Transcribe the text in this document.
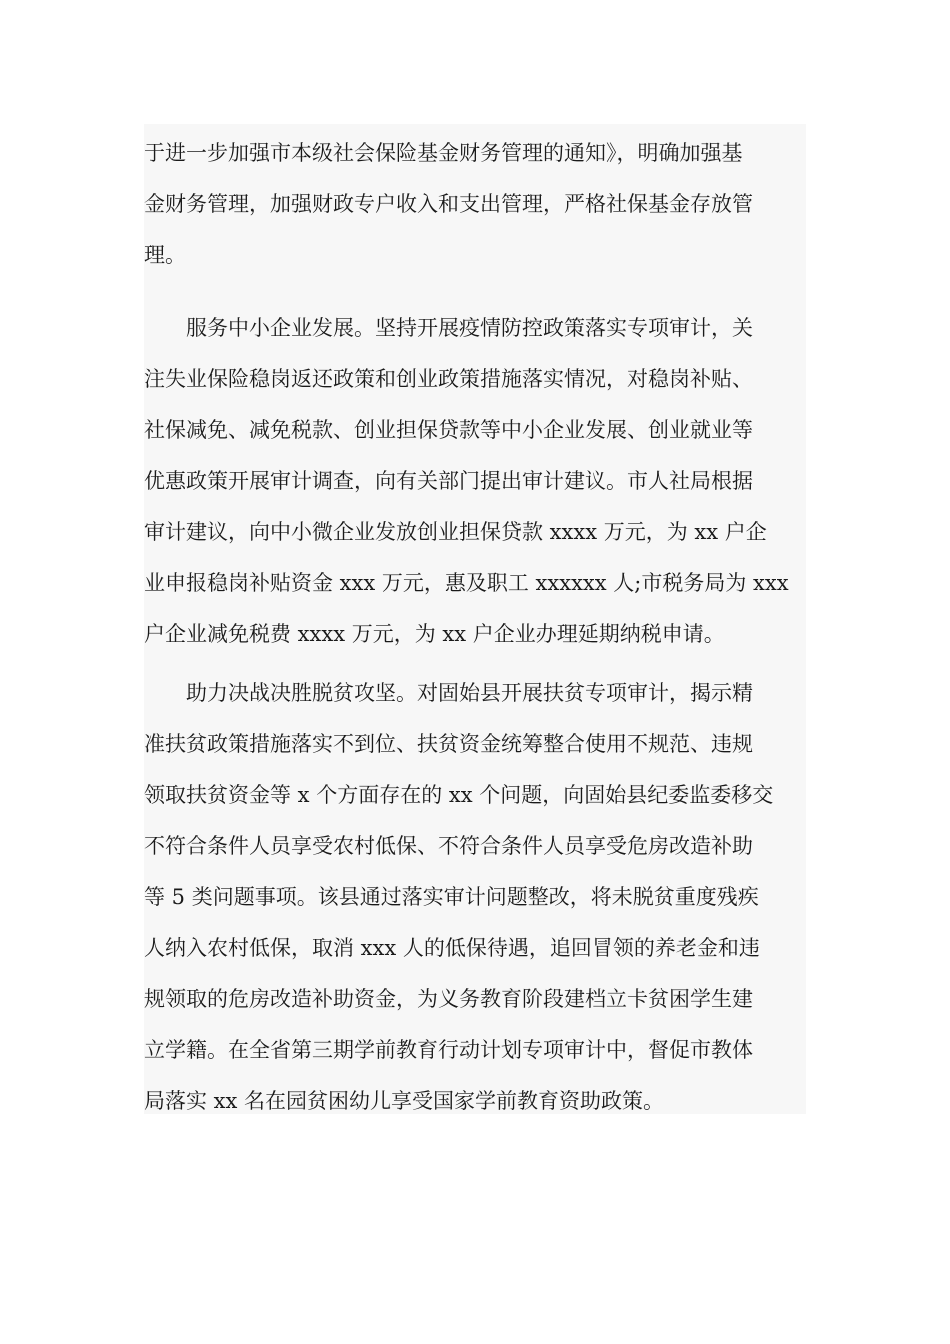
于进一步加强市本级社会保险基金财务管理的通知》，明确加强基
金财务管理，加强财政专户收入和支出管理，严格社保基金存放管
理。

　　服务中小企业发展。坚持开展疫情防控政策落实专项审计，关
注失业保险稳岗返还政策和创业政策措施落实情况，对稳岗补贴、
社保减免、减免税款、创业担保贷款等中小企业发展、创业就业等
优惠政策开展审计调查，向有关部门提出审计建议。市人社局根据
审计建议，向中小微企业发放创业担保贷款 xxxx 万元，为 xx 户企
业申报稳岗补贴资金 xxx 万元，惠及职工 xxxxxx 人;市税务局为 xxx
户企业减免税费 xxxx 万元，为 xx 户企业办理延期纳税申请。

　　助力决战决胜脱贫攻坚。对固始县开展扶贫专项审计，揭示精
准扶贫政策措施落实不到位、扶贫资金统筹整合使用不规范、违规
领取扶贫资金等 x 个方面存在的 xx 个问题，向固始县纪委监委移交
不符合条件人员享受农村低保、不符合条件人员享受危房改造补助
等 5 类问题事项。该县通过落实审计问题整改，将未脱贫重度残疾
人纳入农村低保，取消 xxx 人的低保待遇，追回冒领的养老金和违
规领取的危房改造补助资金，为义务教育阶段建档立卡贫困学生建
立学籍。在全省第三期学前教育行动计划专项审计中，督促市教体
局落实 xx 名在园贫困幼儿享受国家学前教育资助政策。
